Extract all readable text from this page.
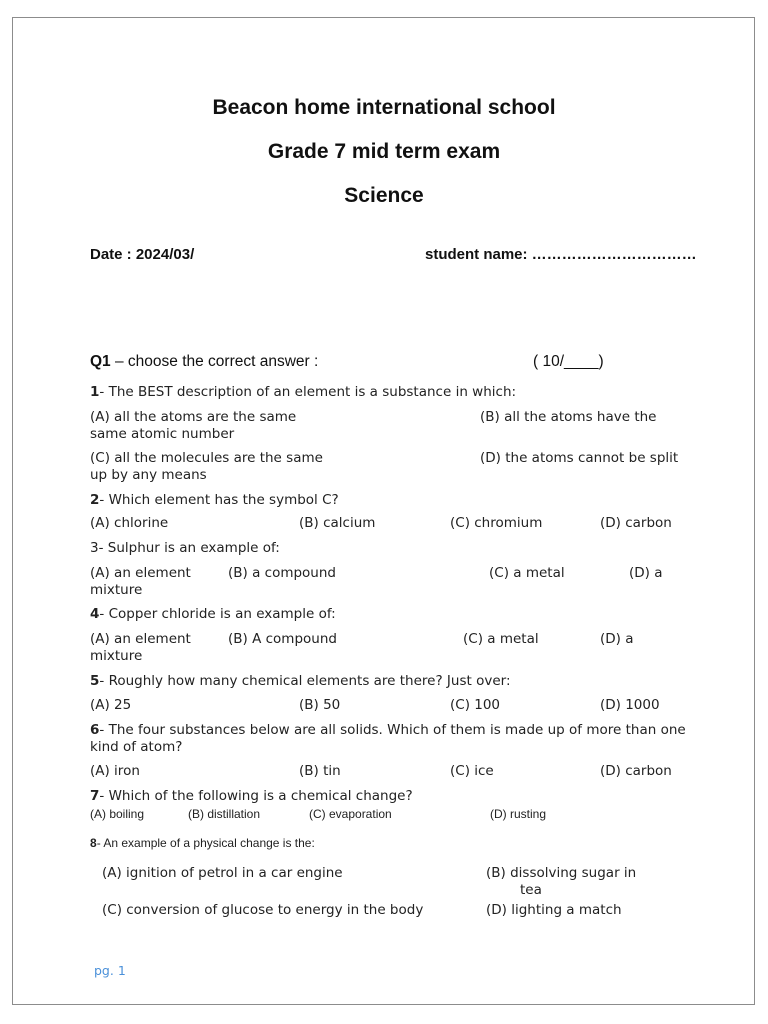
Beacon home international school
Grade 7 mid term exam
Science
Date : 2024/03/	student name: ……………………………
Q1 – choose the correct answer :	( 10/____)
1- The BEST description of an element is a substance in which:
(A) all the atoms are the same	(B) all the atoms have the
same atomic number
(C) all the molecules are the same	(D) the atoms cannot be split
up by any means
2- Which element has the symbol C?
(A) chlorine	(B) calcium	(C) chromium	(D) carbon
3- Sulphur is an example of:
(A) an element	(B) a compound	(C) a metal	(D) a
mixture
4- Copper chloride is an example of:
(A) an element	(B) A compound	(C) a metal	(D) a
mixture
5- Roughly how many chemical elements are there? Just over:
(A) 25	(B) 50	(C) 100	(D) 1000
6- The four substances below are all solids. Which of them is made up of more than one
kind of atom?
(A) iron	(B) tin	(C) ice	(D) carbon
7- Which of the following is a chemical change?
(A) boiling	(B) distillation	(C) evaporation	(D) rusting
8- An example of a physical change is the:
(A) ignition of petrol in a car engine	(B) dissolving sugar in
tea
(C) conversion of glucose to energy in the body	(D) lighting a match
pg. 1
